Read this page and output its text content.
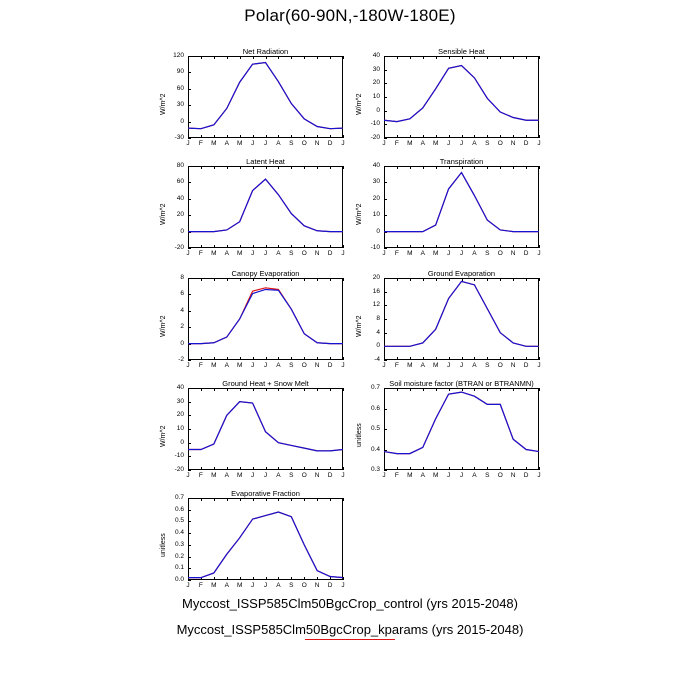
Polar(60-90N,-180W-180E)
Net Radiation
W/m^2
-30
0
30
60
90
120
J	F	M	A	M	J	J	A	S	O	N	D	J
Sensible Heat
W/m^2
-20
-10
0
10
20
30
40
J	F	M	A	M	J	J	A	S	O	N	D	J
Latent Heat
W/m^2
-20
0
20
40
60
80
J	F	M	A	M	J	J	A	S	O	N	D	J
Transpiration
W/m^2
-10
0
10
20
30
40
J	F	M	A	M	J	J	A	S	O	N	D	J
Canopy Evaporation
W/m^2
-2
0
2
4
6
8
J	F	M	A	M	J	J	A	S	O	N	D	J
Ground Evaporation
W/m^2
-4
0
4
8
12
16
20
J	F	M	A	M	J	J	A	S	O	N	D	J
Ground Heat + Snow Melt
W/m^2
-20
-10
0
10
20
30
40
J	F	M	A	M	J	J	A	S	O	N	D	J
Soil moisture factor (BTRAN or BTRANMN)
unitless
0.3
0.4
0.5
0.6
0.7
J	F	M	A	M	J	J	A	S	O	N	D	J
Evaporative Fraction
unitless
0.0
0.1
0.2
0.3
0.4
0.5
0.6
0.7
J	F	M	A	M	J	J	A	S	O	N	D	J
Myccost_ISSP585Clm50BgcCrop_control (yrs 2015-2048)
Myccost_ISSP585Clm50BgcCrop_kparams (yrs 2015-2048)
